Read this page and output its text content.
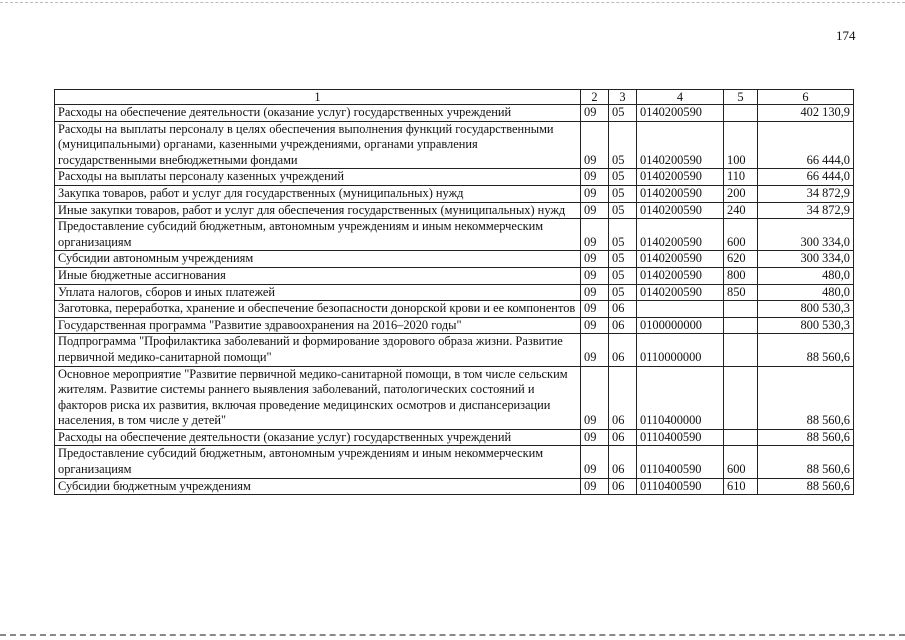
174
1	2	3	4	5	6
Расходы на обеспечение деятельности (оказание услуг) государственных учреждений	09	05	0140200590		402 130,9
Расходы на выплаты персоналу в целях обеспечения выполнения функций государственными (муниципальными) органами, казенными учреждениями, органами управления государственными внебюджетными фондами	09	05	0140200590	100	66 444,0
Расходы на выплаты персоналу казенных учреждений	09	05	0140200590	110	66 444,0
Закупка товаров, работ и услуг для государственных (муниципальных) нужд	09	05	0140200590	200	34 872,9
Иные закупки товаров, работ и услуг для обеспечения государственных (муниципальных) нужд	09	05	0140200590	240	34 872,9
Предоставление субсидий бюджетным, автономным учреждениям и иным некоммерческим организациям	09	05	0140200590	600	300 334,0
Субсидии автономным учреждениям	09	05	0140200590	620	300 334,0
Иные бюджетные ассигнования	09	05	0140200590	800	480,0
Уплата налогов, сборов и иных платежей	09	05	0140200590	850	480,0
Заготовка, переработка, хранение и обеспечение безопасности донорской крови и ее компонентов	09	06			800 530,3
Государственная программа "Развитие здравоохранения на 2016–2020 годы"	09	06	0100000000		800 530,3
Подпрограмма "Профилактика заболеваний и формирование здорового образа жизни. Развитие первичной медико-санитарной помощи"	09	06	0110000000		88 560,6
Основное мероприятие "Развитие первичной медико-санитарной помощи, в том числе сельским жителям. Развитие системы раннего выявления заболеваний, патологических состояний и факторов риска их развития, включая проведение медицинских осмотров и диспансеризации населения, в том числе у детей"	09	06	0110400000		88 560,6
Расходы на обеспечение деятельности (оказание услуг) государственных учреждений	09	06	0110400590		88 560,6
Предоставление субсидий бюджетным, автономным учреждениям и иным некоммерческим организациям	09	06	0110400590	600	88 560,6
Субсидии бюджетным учреждениям	09	06	0110400590	610	88 560,6
